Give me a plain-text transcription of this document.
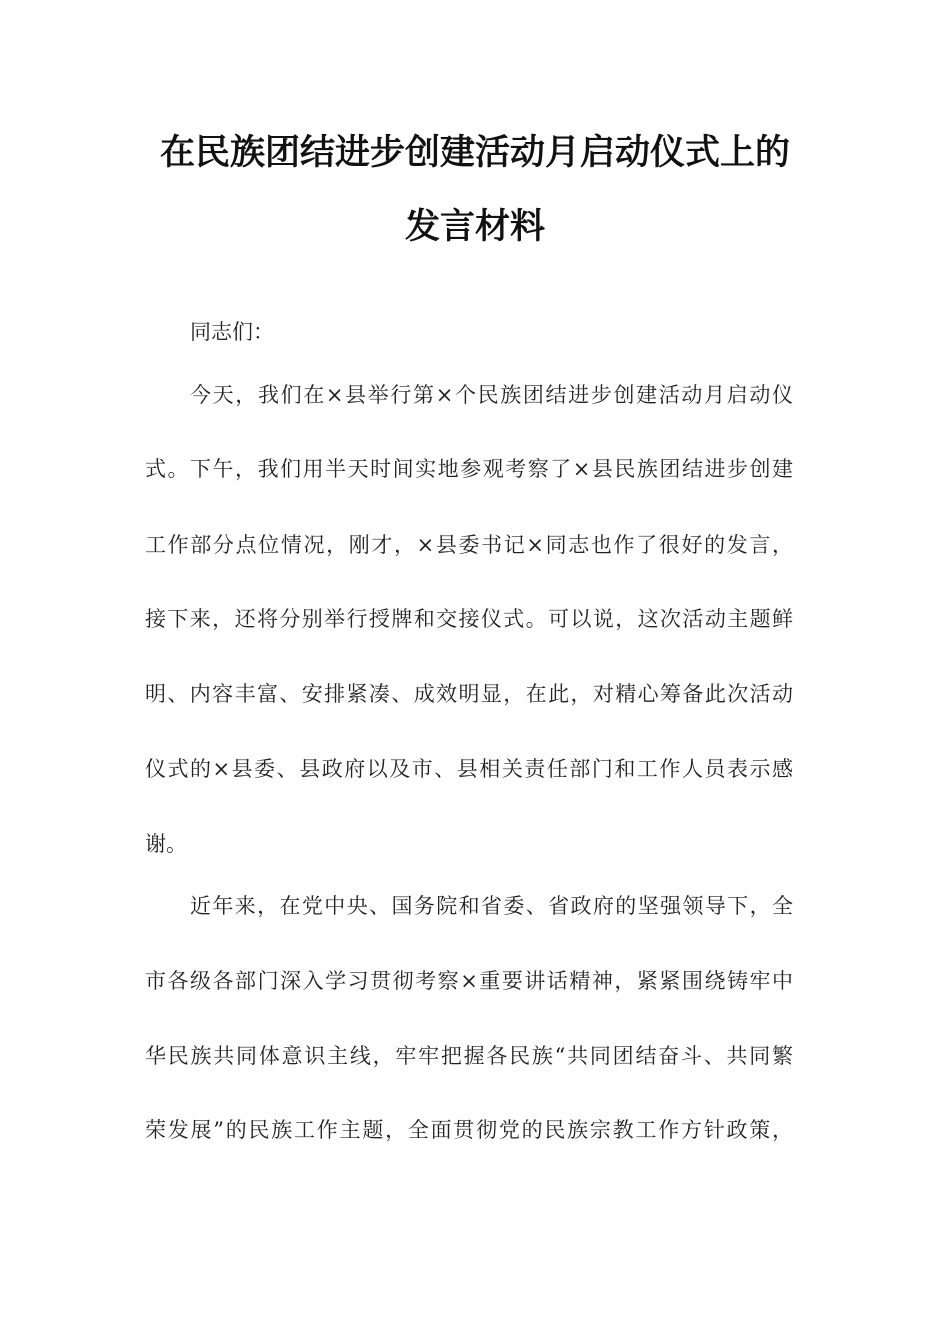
在民族团结进步创建活动月启动仪式上的
发言材料

同志们：

今天，我们在×县举行第×个民族团结进步创建活动月启动仪

式。下午，我们用半天时间实地参观考察了×县民族团结进步创建

工作部分点位情况，刚才，×县委书记×同志也作了很好的发言，

接下来，还将分别举行授牌和交接仪式。可以说，这次活动主题鲜

明、内容丰富、安排紧凑、成效明显，在此，对精心筹备此次活动

仪式的×县委、县政府以及市、县相关责任部门和工作人员表示感

谢。

近年来，在党中央、国务院和省委、省政府的坚强领导下，全

市各级各部门深入学习贯彻考察×重要讲话精神，紧紧围绕铸牢中

华民族共同体意识主线，牢牢把握各民族“共同团结奋斗、共同繁

荣发展”的民族工作主题，全面贯彻党的民族宗教工作方针政策，
